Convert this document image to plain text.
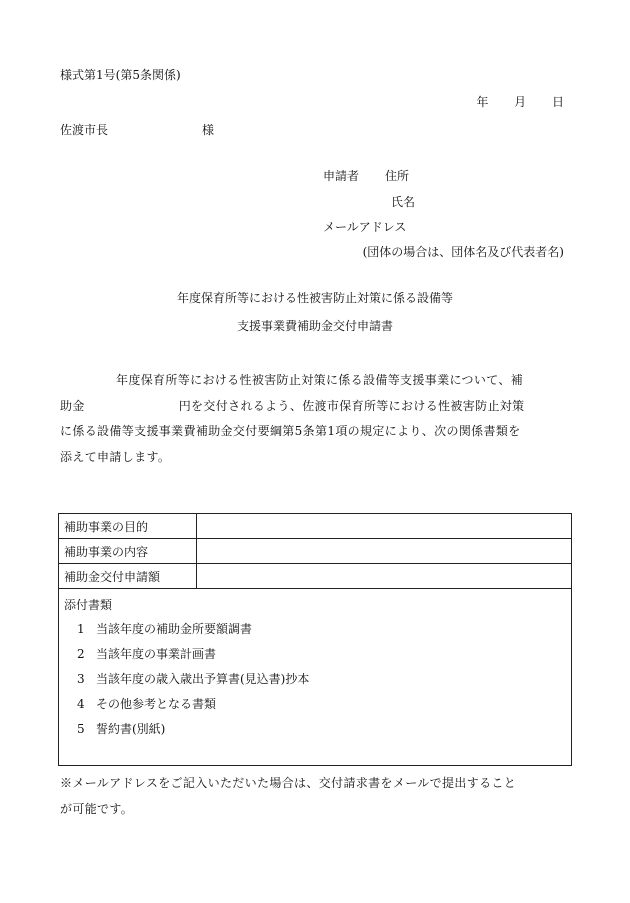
様式第1号(第5条関係)
年 月 日
佐渡市長	様
申請者 住所
氏名
メールアドレス
(団体の場合は、団体名及び代表者名)
年度保育所等における性被害防止対策に係る設備等
支援事業費補助金交付申請書

年度保育所等における性被害防止対策に係る設備等支援事業について、補

助金	円を交付されるよう、佐渡市保育所等における性被害防止対策

に係る設備等支援事業費補助金交付要綱第5条第1項の規定により、次の関係書類を

添えて申請します。

補助事業の目的
補助事業の内容
補助金交付申請額
添付書類
1 当該年度の補助金所要額調書
2 当該年度の事業計画書
3 当該年度の歳入歳出予算書(見込書)抄本
4 その他参考となる書類
5 誓約書(別紙)

※メールアドレスをご記入いただいた場合は、交付請求書をメールで提出すること

が可能です。
